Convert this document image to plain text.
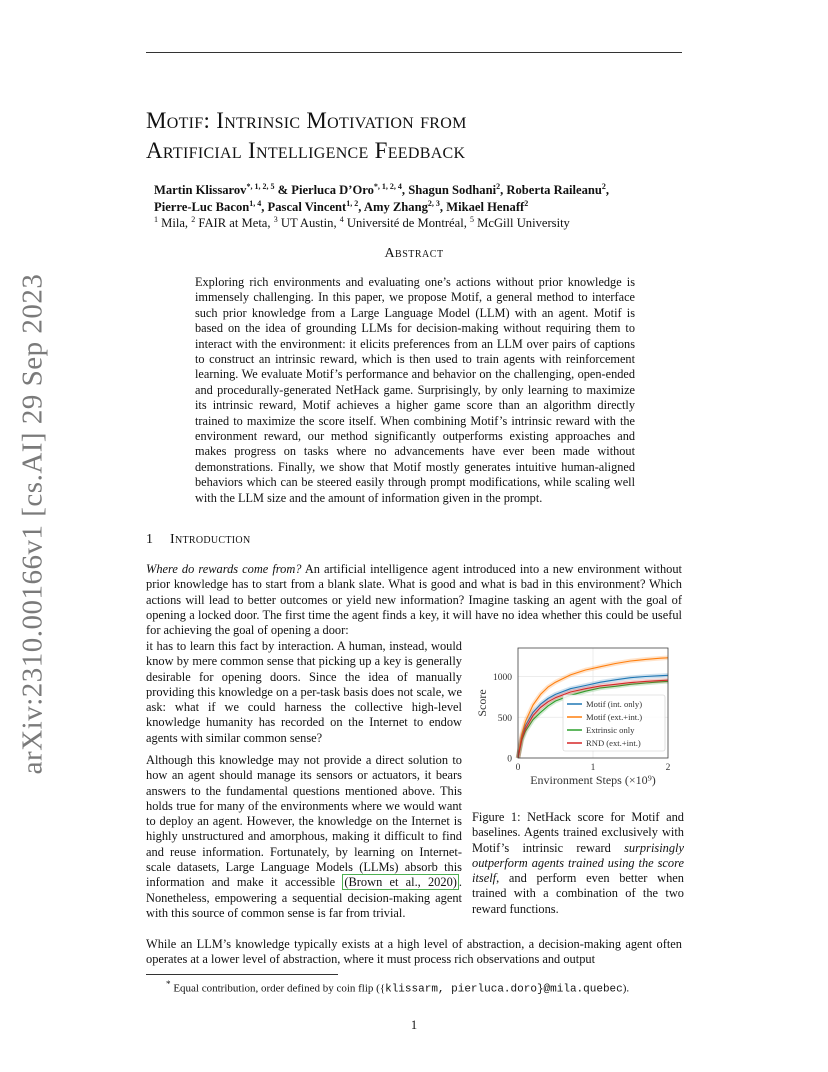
arXiv:2310.00166v1 [cs.AI] 29 Sep 2023
Motif: Intrinsic Motivation from
Artificial Intelligence Feedback
Martin Klissarov$^{*, 1, 2, 5}$ & Pierluca D’Oro$^{*, 1, 2, 4}$, Shagun Sodhani$^2$, Roberta Raileanu$^2$,
Pierre-Luc Bacon$^{1, 4}$, Pascal Vincent$^{1, 2}$, Amy Zhang$^{2, 3}$, Mikael Henaff$^2$
$^1$ Mila, $^2$ FAIR at Meta, $^3$ UT Austin, $^4$ Université de Montréal, $^5$ McGill University
Abstract
Exploring rich environments and evaluating one’s actions without prior knowledge is immensely challenging. In this paper, we propose Motif, a general method to interface such prior knowledge from a Large Language Model (LLM) with an agent. Motif is based on the idea of grounding LLMs for decision-making without requiring them to interact with the environment: it elicits preferences from an LLM over pairs of captions to construct an intrinsic reward, which is then used to train agents with reinforcement learning. We evaluate Motif’s performance and behavior on the challenging, open-ended and procedurally-generated NetHack game. Surprisingly, by only learning to maximize its intrinsic reward, Motif achieves a higher game score than an algorithm directly trained to maximize the score itself. When combining Motif’s intrinsic reward with the environment reward, our method significantly outperforms existing approaches and makes progress on tasks where no advancements have ever been made without demonstrations. Finally, we show that Motif mostly generates intuitive human-aligned behaviors which can be steered easily through prompt modifications, while scaling well with the LLM size and the amount of information given in the prompt.
1 Introduction
Where do rewards come from? An artificial intelligence agent introduced into a new environment without prior knowledge has to start from a blank slate. What is good and what is bad in this environment? Which actions will lead to better outcomes or yield new information? Imagine tasking an agent with the goal of opening a locked door. The first time the agent finds a key, it will have no idea whether this could be useful for achieving the goal of opening a door:
it has to learn this fact by interaction. A human, instead, would know by mere common sense that picking up a key is generally desirable for opening doors. Since the idea of manually providing this knowledge on a per-task basis does not scale, we ask: what if we could harness the collective high-level knowledge humanity has recorded on the Internet to endow agents with similar common sense?
Although this knowledge may not provide a direct solution to how an agent should manage its sensors or actuators, it bears answers to the fundamental questions mentioned above. This holds true for many of the environments where we would want to deploy an agent. However, the knowledge on the Internet is highly unstructured and amorphous, making it difficult to find and reuse information. Fortunately, by learning on Internet-scale datasets, Large Language Models (LLMs) absorb this information and make it accessible (Brown et al., 2020) . Nonetheless, empowering a sequential decision-making agent with this source of common sense is far from trivial.
0
500
1000
0	1	2
Score
Environment Steps (×10⁹)
Motif (int. only)
Motif (ext.+int.)
Extrinsic only
RND (ext.+int.)
Figure 1: NetHack score for Motif and baselines. Agents trained exclusively with Motif’s intrinsic reward surprisingly outperform agents trained using the score itself, and perform even better when trained with a combination of the two reward functions.
While an LLM’s knowledge typically exists at a high level of abstraction, a decision-making agent often operates at a lower level of abstraction, where it must process rich observations and output
* Equal contribution, order defined by coin flip ({klissarm, pierluca.doro}@mila.quebec).
1
